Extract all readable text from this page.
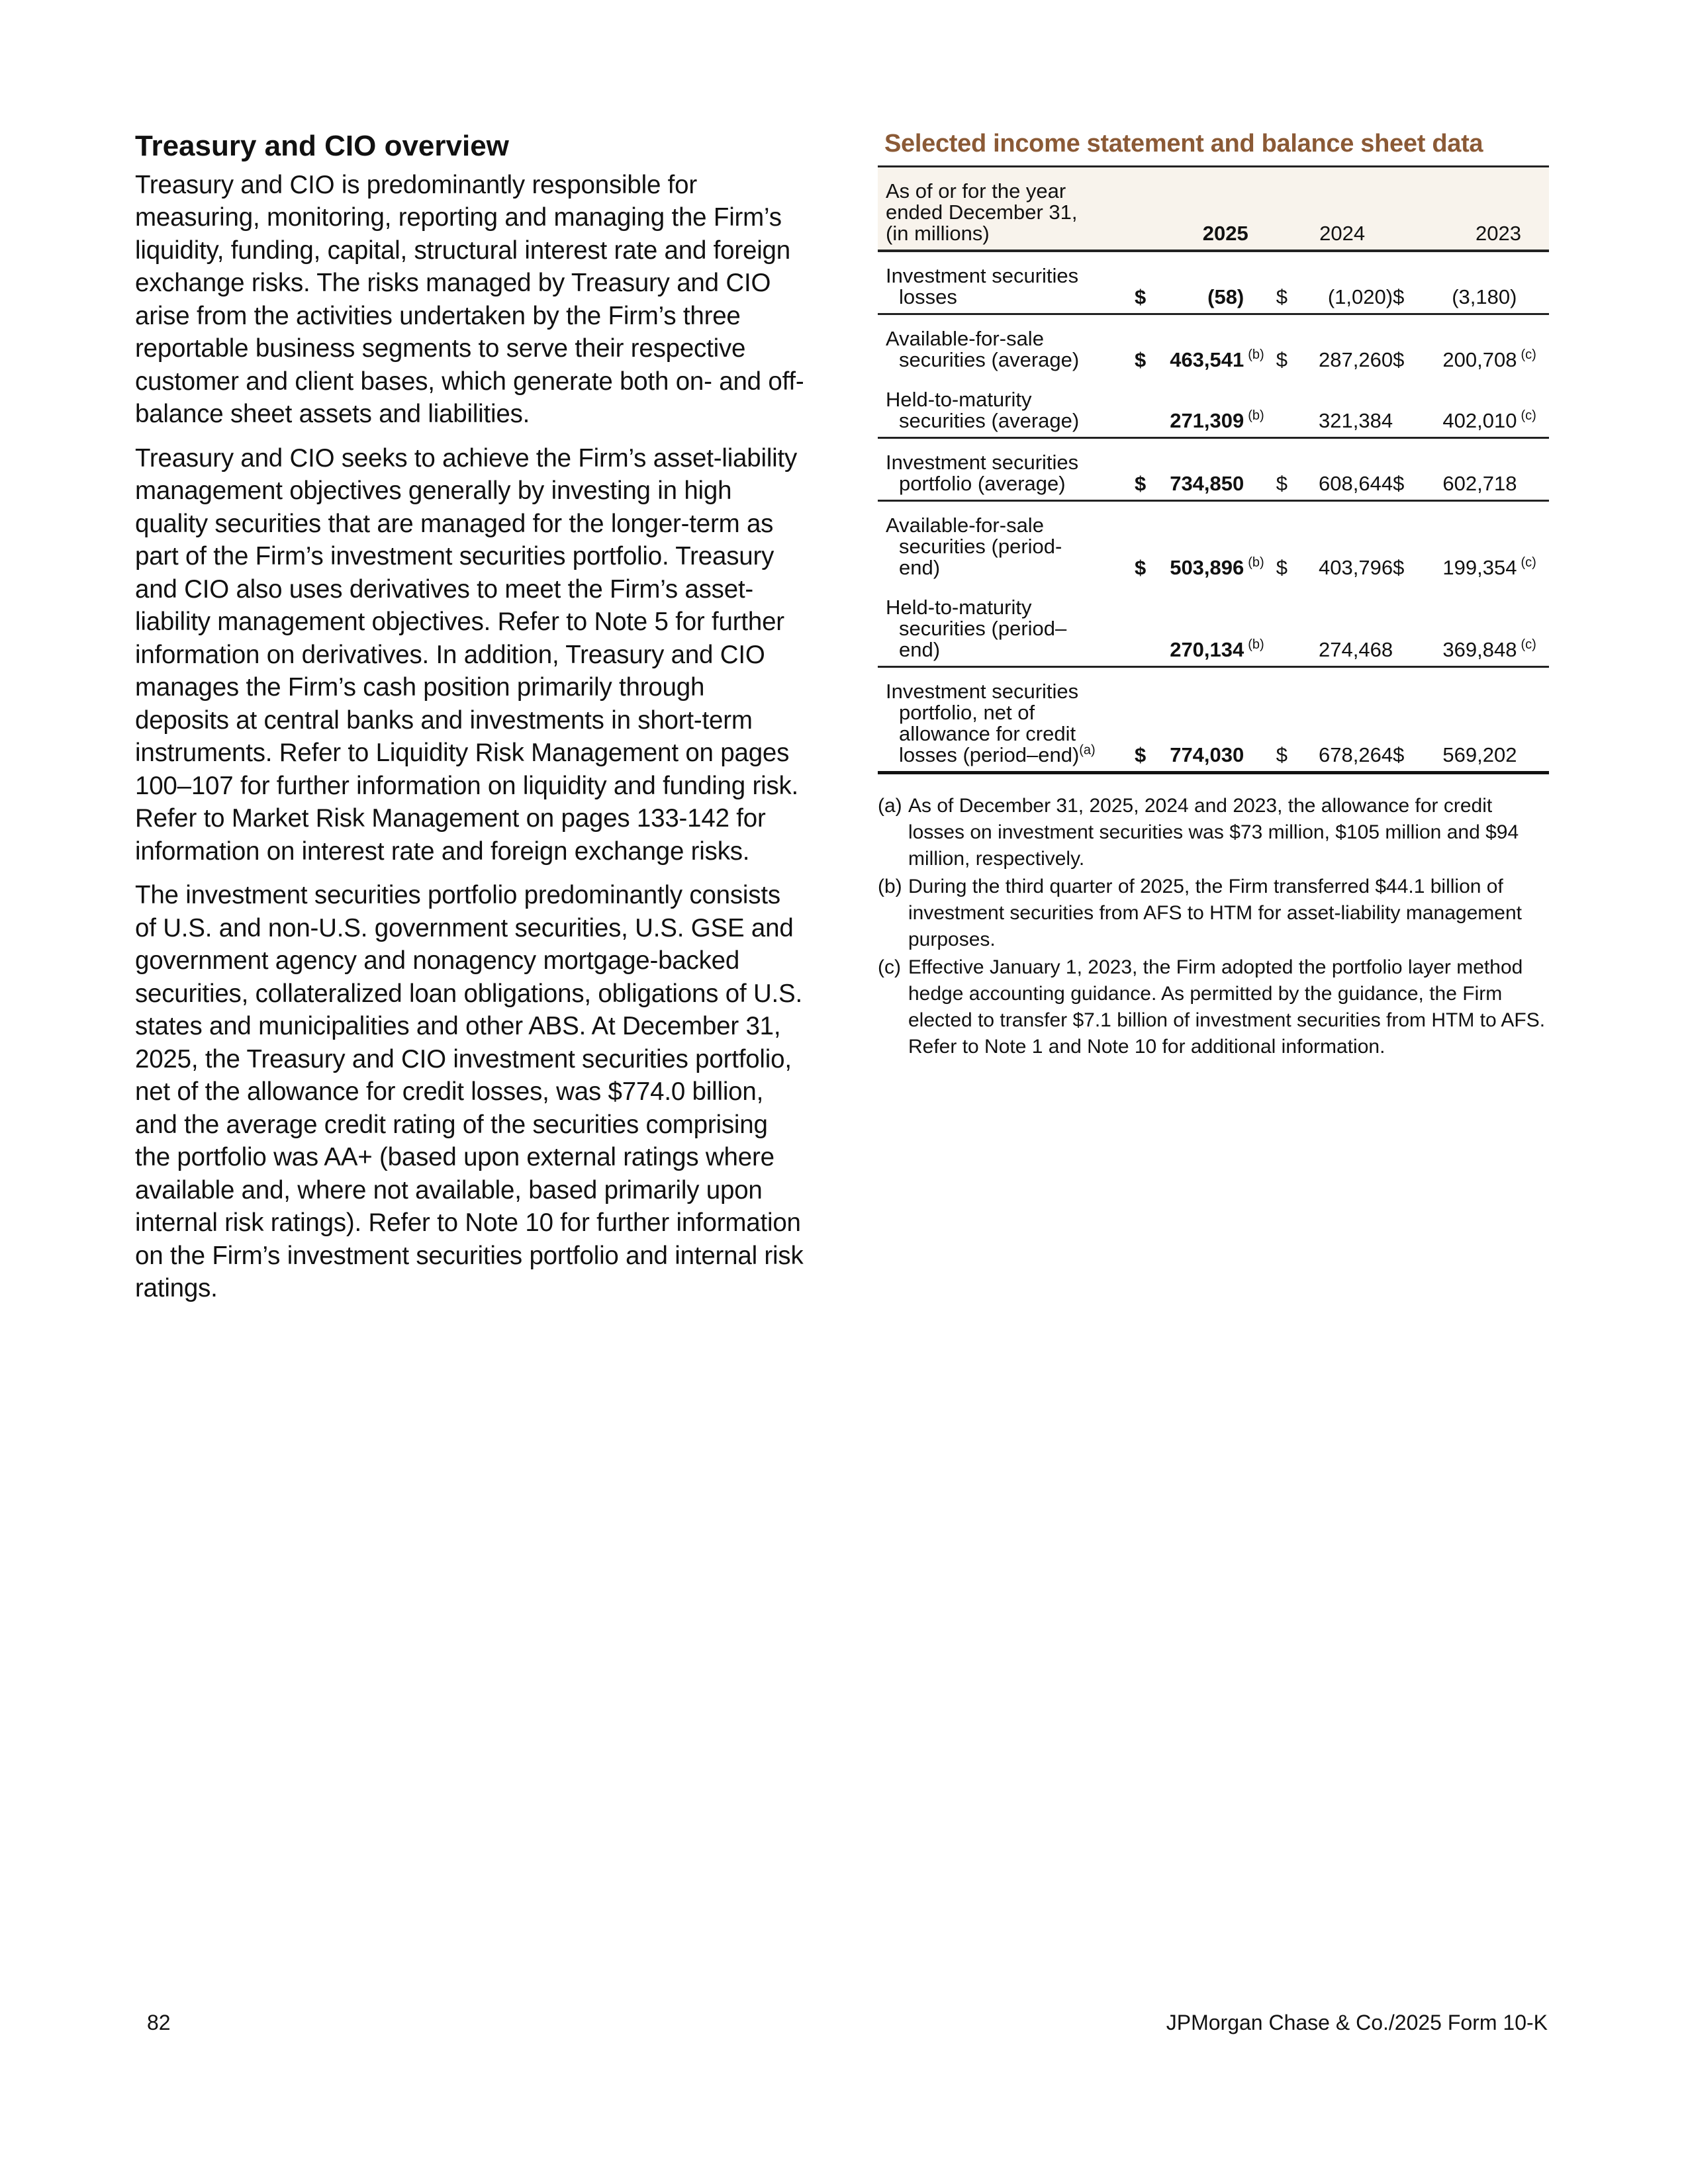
Treasury and CIO overview

Treasury and CIO is predominantly responsible for measuring, monitoring, reporting and managing the Firm’s liquidity, funding, capital, structural interest rate and foreign exchange risks. The risks managed by Treasury and CIO arise from the activities undertaken by the Firm’s three reportable business segments to serve their respective customer and client bases, which generate both on- and off-balance sheet assets and liabilities.

Treasury and CIO seeks to achieve the Firm’s asset-liability management objectives generally by investing in high quality securities that are managed for the longer-term as part of the Firm’s investment securities portfolio. Treasury and CIO also uses derivatives to meet the Firm’s asset-liability management objectives. Refer to Note 5 for further information on derivatives. In addition, Treasury and CIO manages the Firm’s cash position primarily through deposits at central banks and investments in short-term instruments. Refer to Liquidity Risk Management on pages 100–107 for further information on liquidity and funding risk. Refer to Market Risk Management on pages 133-142 for information on interest rate and foreign exchange risks.

The investment securities portfolio predominantly consists of U.S. and non-U.S. government securities, U.S. GSE and government agency and nonagency mortgage-backed securities, collateralized loan obligations, obligations of U.S. states and municipalities and other ABS. At December 31, 2025, the Treasury and CIO investment securities portfolio, net of the allowance for credit losses, was $774.0 billion, and the average credit rating of the securities comprising the portfolio was AA+ (based upon external ratings where available and, where not available, based primarily upon internal risk ratings). Refer to Note 10 for further information on the Firm’s investment securities portfolio and internal risk ratings.

Selected income statement and balance sheet data
As of or for the year
ended December 31,
(in millions)	2025		2024	2023	

Investment securities
losses	$ (58)		$ (1,020)	$ (3,180)	

Available-for-sale
securities (average)	$ 463,541	$^{(b)}$	$ 287,260	$ 200,708	$^{(c)}$

Held-to-maturity
securities (average)	271,309	$^{(b)}$	321,384	402,010	$^{(c)}$

Investment securities
portfolio (average)	$ 734,850		$ 608,644	$ 602,718	

Available-for-sale
securities (period-
end)	$ 503,896	$^{(b)}$	$ 403,796	$ 199,354	$^{(c)}$

Held-to-maturity
securities (period–
end)	270,134	$^{(b)}$	274,468	369,848	$^{(c)}$

Investment securities
portfolio, net of
allowance for credit
losses (period–end)$^{(a)}$	$ 774,030		$ 678,264	$ 569,202	
(a) As of December 31, 2025, 2024 and 2023, the allowance for credit losses on investment securities was $73 million, $105 million and $94 million, respectively.
(b) During the third quarter of 2025, the Firm transferred $44.1 billion of investment securities from AFS to HTM for asset-liability management purposes.
(c) Effective January 1, 2023, the Firm adopted the portfolio layer method hedge accounting guidance. As permitted by the guidance, the Firm elected to transfer $7.1 billion of investment securities from HTM to AFS. Refer to Note 1 and Note 10 for additional information.
82	JPMorgan Chase & Co./2025 Form 10-K
